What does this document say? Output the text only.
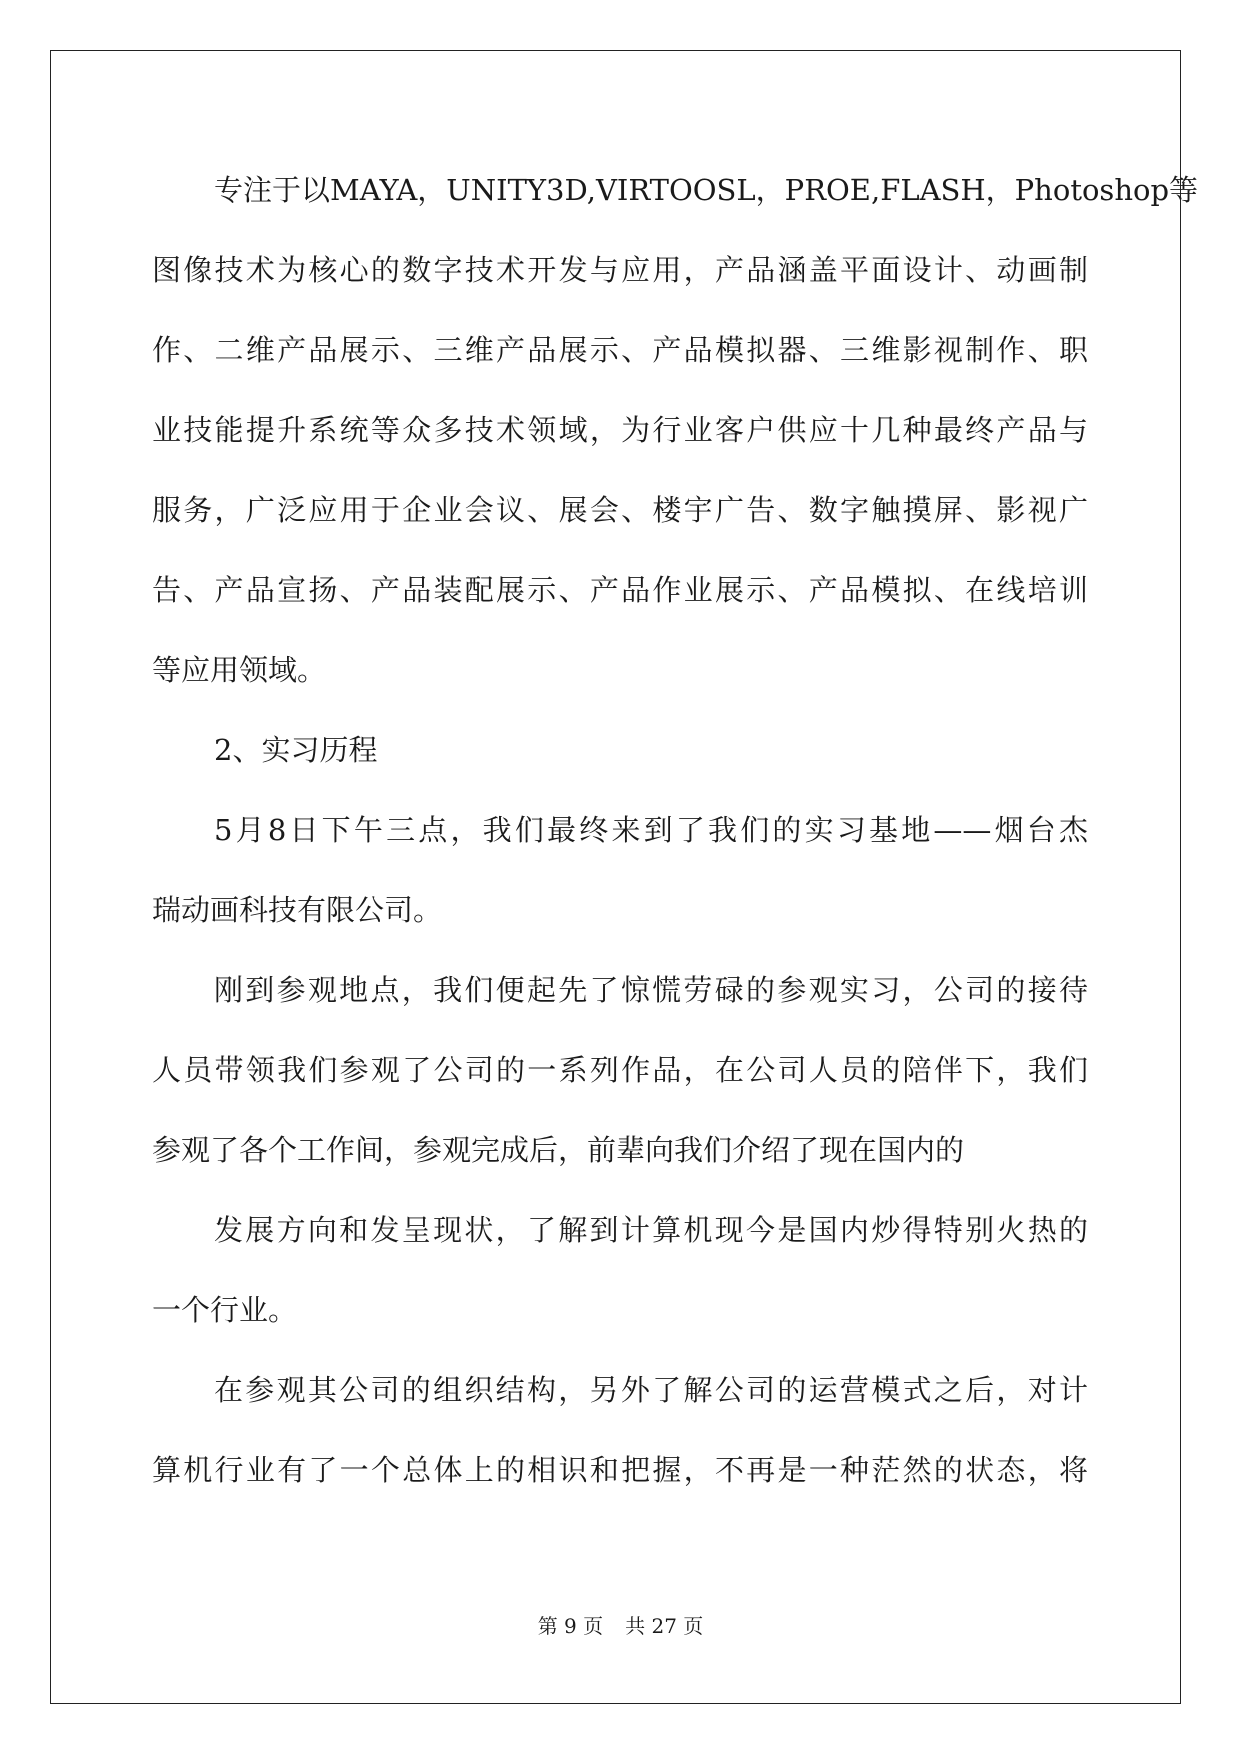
专注于以MAYA，UNITY3D,VIRTOOSL，PROE,FLASH，Photoshop等
图像技术为核心的数字技术开发与应用，产品涵盖平面设计、动画制
作、二维产品展示、三维产品展示、产品模拟器、三维影视制作、职
业技能提升系统等众多技术领域，为行业客户供应十几种最终产品与
服务，广泛应用于企业会议、展会、楼宇广告、数字触摸屏、影视广
告、产品宣扬、产品装配展示、产品作业展示、产品模拟、在线培训
等应用领域。
2、实习历程
5月8日下午三点，我们最终来到了我们的实习基地——烟台杰
瑞动画科技有限公司。
刚到参观地点，我们便起先了惊慌劳碌的参观实习，公司的接待
人员带领我们参观了公司的一系列作品，在公司人员的陪伴下，我们
参观了各个工作间，参观完成后，前辈向我们介绍了现在国内的
发展方向和发呈现状，了解到计算机现今是国内炒得特别火热的
一个行业。
在参观其公司的组织结构，另外了解公司的运营模式之后，对计
算机行业有了一个总体上的相识和把握，不再是一种茫然的状态，将
第 9 页 共 27 页
